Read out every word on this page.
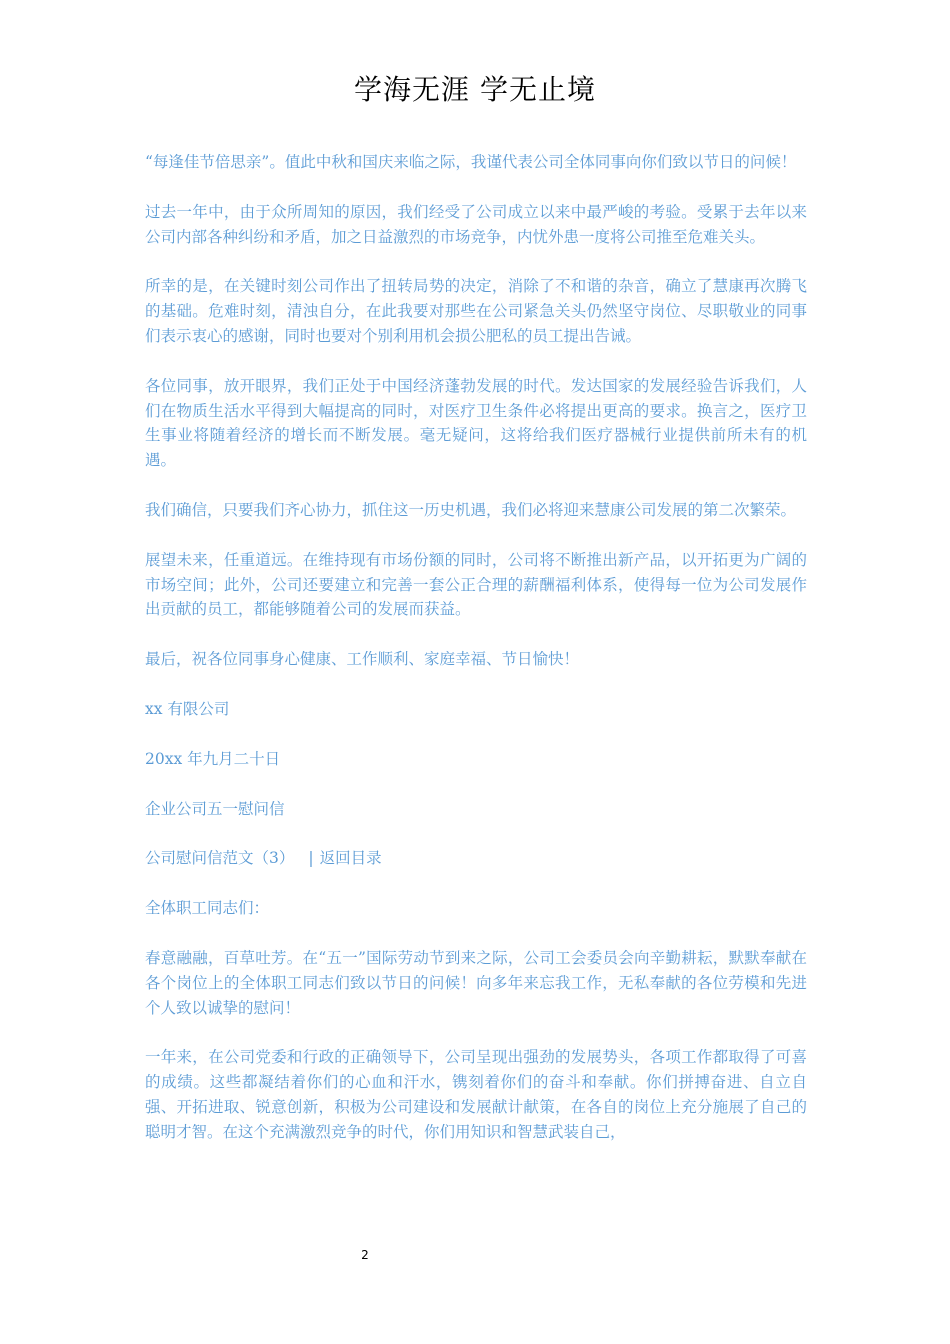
学海无涯 学无止境

“每逢佳节倍思亲”。值此中秋和国庆来临之际，我谨代表公司全体同事向你们致以节日的问候！

过去一年中，由于众所周知的原因，我们经受了公司成立以来中最严峻的考验。受累于去年以来公司内部各种纠纷和矛盾，加之日益激烈的市场竞争，内忧外患一度将公司推至危难关头。

所幸的是，在关键时刻公司作出了扭转局势的决定，消除了不和谐的杂音，确立了慧康再次腾飞的基础。危难时刻，清浊自分，在此我要对那些在公司紧急关头仍然坚守岗位、尽职敬业的同事们表示衷心的感谢，同时也要对个别利用机会损公肥私的员工提出告诫。

各位同事，放开眼界，我们正处于中国经济蓬勃发展的时代。发达国家的发展经验告诉我们，人们在物质生活水平得到大幅提高的同时，对医疗卫生条件必将提出更高的要求。换言之，医疗卫生事业将随着经济的增长而不断发展。毫无疑问，这将给我们医疗器械行业提供前所未有的机遇。

我们确信，只要我们齐心协力，抓住这一历史机遇，我们必将迎来慧康公司发展的第二次繁荣。

展望未来，任重道远。在维持现有市场份额的同时，公司将不断推出新产品，以开拓更为广阔的市场空间；此外，公司还要建立和完善一套公正合理的薪酬福利体系，使得每一位为公司发展作出贡献的员工，都能够随着公司的发展而获益。

最后，祝各位同事身心健康、工作顺利、家庭幸福、节日愉快！

xx 有限公司

20xx 年九月二十日

企业公司五一慰问信

公司慰问信范文（3） | 返回目录

全体职工同志们：

春意融融，百草吐芳。在“五一”国际劳动节到来之际，公司工会委员会向辛勤耕耘，默默奉献在各个岗位上的全体职工同志们致以节日的问候！向多年来忘我工作，无私奉献的各位劳模和先进个人致以诚挚的慰问！

一年来，在公司党委和行政的正确领导下，公司呈现出强劲的发展势头，各项工作都取得了可喜的成绩。这些都凝结着你们的心血和汗水，镌刻着你们的奋斗和奉献。你们拼搏奋进、自立自强、开拓进取、锐意创新，积极为公司建设和发展献计献策，在各自的岗位上充分施展了自己的聪明才智。在这个充满激烈竞争的时代，你们用知识和智慧武装自己，

2
